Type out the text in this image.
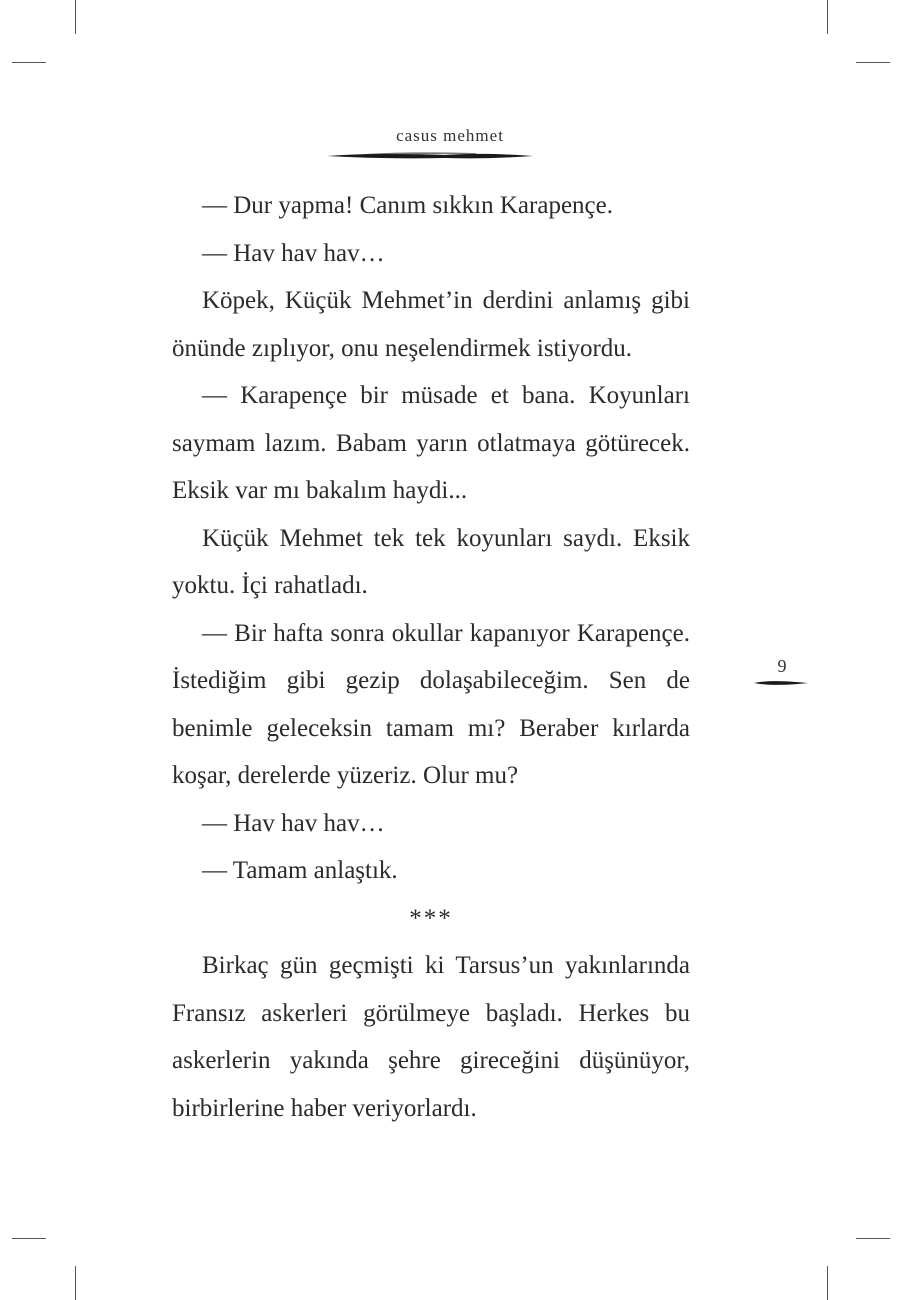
casus mehmet
9

— Dur yapma! Canım sıkkın Karapençe.

— Hav hav hav…

Köpek, Küçük Mehmet’in derdini anlamış gibi önünde zıplıyor, onu neşelendirmek istiyordu.

— Karapençe bir müsade et bana. Koyunları saymam lazım. Babam yarın otlatmaya götürecek. Eksik var mı bakalım haydi...

Küçük Mehmet tek tek koyunları saydı. Eksik yoktu. İçi rahatladı.

— Bir hafta sonra okullar kapanıyor Karapençe. İstediğim gibi gezip dolaşabileceğim. Sen de benimle geleceksin tamam mı? Beraber kırlarda koşar, derelerde yüzeriz. Olur mu?

— Hav hav hav…

— Tamam anlaştık.

***

Birkaç gün geçmişti ki Tarsus’un yakınlarında Fransız askerleri görülmeye başladı. Herkes bu askerlerin yakında şehre gireceğini düşünüyor, birbirlerine haber veriyorlardı.
